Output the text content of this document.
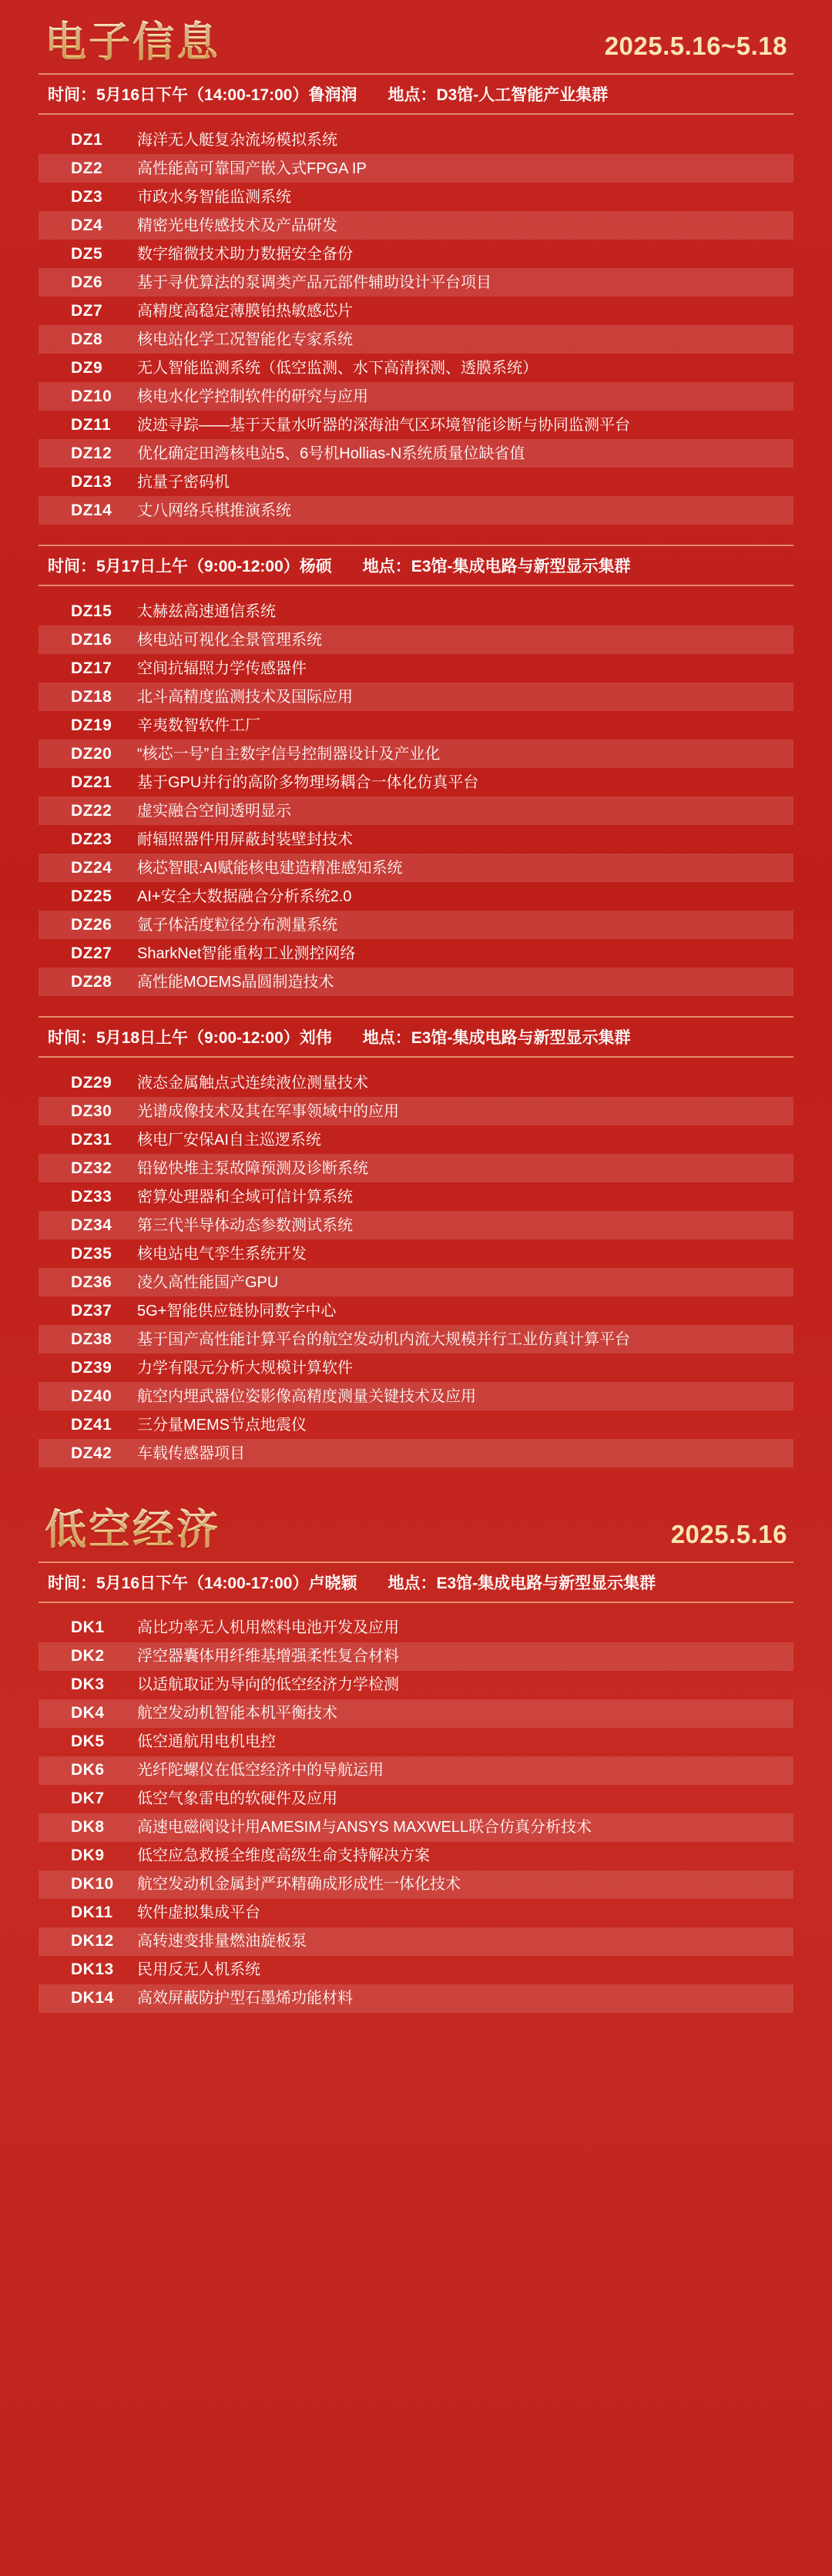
电子信息	2025.5.16~5.18
时间：5月16日下午（14:00-17:00）鲁润润 地点：D3馆-人工智能产业集群
DZ1	海洋无人艇复杂流场模拟系统
DZ2	高性能高可靠国产嵌入式FPGA IP
DZ3	市政水务智能监测系统
DZ4	精密光电传感技术及产品研发
DZ5	数字缩微技术助力数据安全备份
DZ6	基于寻优算法的泵调类产品元部件辅助设计平台项目
DZ7	高精度高稳定薄膜铂热敏感芯片
DZ8	核电站化学工况智能化专家系统
DZ9	无人智能监测系统（低空监测、水下高清探测、透膜系统）
DZ10	核电水化学控制软件的研究与应用
DZ11	波迹寻踪——基于天量水听器的深海油气区环境智能诊断与协同监测平台
DZ12	优化确定田湾核电站5、6号机Hollias-N系统质量位缺省值
DZ13	抗量子密码机
DZ14	丈八网络兵棋推演系统
时间：5月17日上午（9:00-12:00）杨硕 地点：E3馆-集成电路与新型显示集群
DZ15	太赫兹高速通信系统
DZ16	核电站可视化全景管理系统
DZ17	空间抗辐照力学传感器件
DZ18	北斗高精度监测技术及国际应用
DZ19	辛夷数智软件工厂
DZ20	“核芯一号”自主数字信号控制器设计及产业化
DZ21	基于GPU并行的高阶多物理场耦合一体化仿真平台
DZ22	虚实融合空间透明显示
DZ23	耐辐照器件用屏蔽封装壁封技术
DZ24	核芯智眼:AI赋能核电建造精准感知系统
DZ25	AI+安全大数据融合分析系统2.0
DZ26	氩子体活度粒径分布测量系统
DZ27	SharkNet智能重构工业测控网络
DZ28	高性能MOEMS晶圆制造技术
时间：5月18日上午（9:00-12:00）刘伟 地点：E3馆-集成电路与新型显示集群
DZ29	液态金属触点式连续液位测量技术
DZ30	光谱成像技术及其在军事领域中的应用
DZ31	核电厂安保AI自主巡逻系统
DZ32	铅铋快堆主泵故障预测及诊断系统
DZ33	密算处理器和全域可信计算系统
DZ34	第三代半导体动态参数测试系统
DZ35	核电站电气孪生系统开发
DZ36	凌久高性能国产GPU
DZ37	5G+智能供应链协同数字中心
DZ38	基于国产高性能计算平台的航空发动机内流大规模并行工业仿真计算平台
DZ39	力学有限元分析大规模计算软件
DZ40	航空内埋武器位姿影像高精度测量关键技术及应用
DZ41	三分量MEMS节点地震仪
DZ42	车载传感器项目
低空经济	2025.5.16
时间：5月16日下午（14:00-17:00）卢晓颖 地点：E3馆-集成电路与新型显示集群
DK1	高比功率无人机用燃料电池开发及应用
DK2	浮空器囊体用纤维基增强柔性复合材料
DK3	以适航取证为导向的低空经济力学检测
DK4	航空发动机智能本机平衡技术
DK5	低空通航用电机电控
DK6	光纤陀螺仪在低空经济中的导航运用
DK7	低空气象雷电的软硬件及应用
DK8	高速电磁阀设计用AMESIM与ANSYS MAXWELL联合仿真分析技术
DK9	低空应急救援全维度高级生命支持解决方案
DK10	航空发动机金属封严环精确成形成性一体化技术
DK11	软件虚拟集成平台
DK12	高转速变排量燃油旋板泵
DK13	民用反无人机系统
DK14	高效屏蔽防护型石墨烯功能材料
